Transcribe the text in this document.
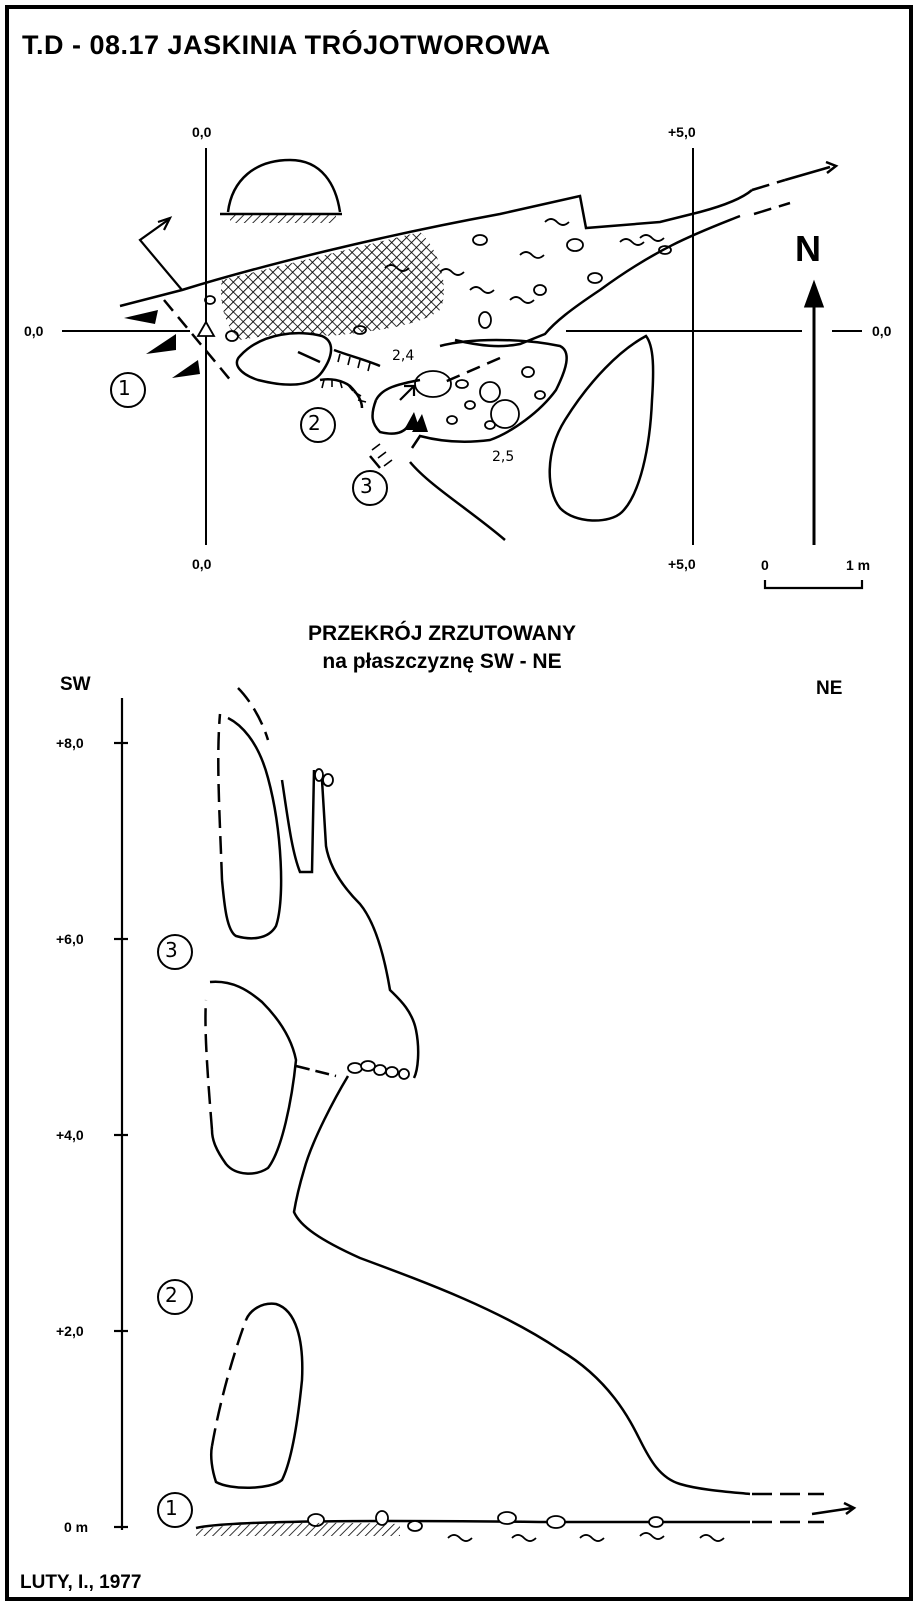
T.D - 08.17 JASKINIA TRÓJOTWOROWA
0,0	+5,0
0,0	0,0
0,0	+5,0
N
2,4
2,5
0	1 m
1
2
3
PRZEKRÓJ ZRZUTOWANY
na płaszczyznę SW - NE
SW	NE
+8,0
+6,0
+4,0
+2,0
0 m
3
2
1
LUTY, I., 1977
